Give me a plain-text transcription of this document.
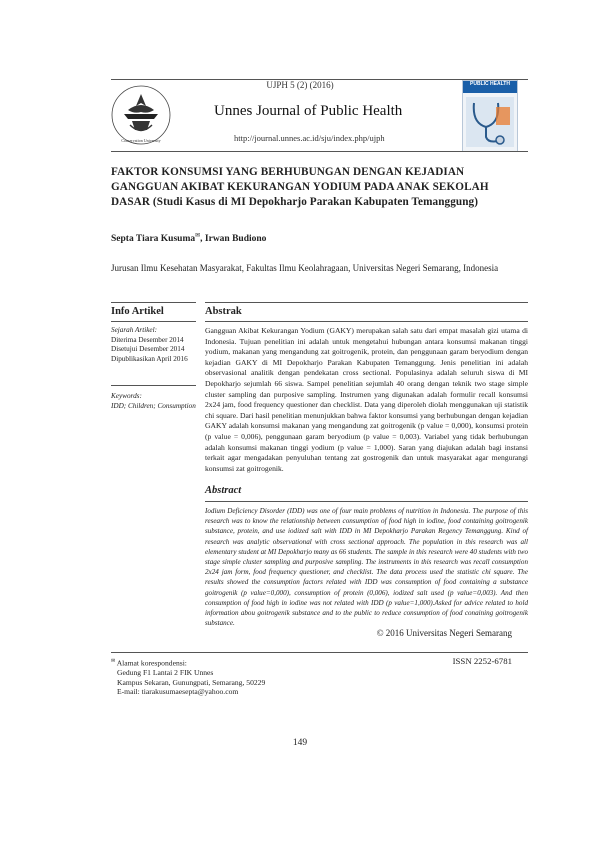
UJPH 5 (2) (2016)
Conservation University
Unnes Journal of Public Health
http://journal.unnes.ac.id/sju/index.php/ujph
PUBLIC HEALTH
FAKTOR KONSUMSI YANG BERHUBUNGAN DENGAN KEJADIAN GANGGUAN AKIBAT KEKURANGAN YODIUM PADA ANAK SEKOLAH DASAR (Studi Kasus di MI Depokharjo Parakan Kabupaten Temanggung)
Septa Tiara Kusuma✉, Irwan Budiono
Jurusan Ilmu Kesehatan Masyarakat, Fakultas Ilmu Keolahragaan, Universitas Negeri Semarang, Indonesia
Info Artikel
Sejarah Artikel:
Diterima Desember 2014
Disetujui Desember 2014
Dipublikasikan April 2016
Keywords:
IDD; Children; Consumption
Abstrak
Gangguan Akibat Kekurangan Yodium (GAKY) merupakan salah satu dari empat masalah gizi utama di Indonesia. Tujuan penelitian ini adalah untuk mengetahui hubungan antara konsumsi makanan tinggi yodium, makanan yang mengandung zat goitrogenik, protein, dan penggunaan garam beryodium dengan kejadian GAKY di MI Depokharjo Parakan Kabupaten Temanggung. Jenis penelitian ini adalah observasional analitik dengan pendekatan cross sectional. Populasinya adalah seluruh siswa di MI Depokharjo sejumlah 66 siswa. Sampel penelitian sejumlah 40 orang dengan teknik two stage simple cluster sampling dan purposive sampling. Instrumen yang digunakan adalah formulir recall konsumsi 2x24 jam, food frequency questioner dan checklist. Data yang diperoleh diolah menggunakan uji statistik chi square. Dari hasil penelitian menunjukkan bahwa faktor konsumsi yang berhubungan dengan kejadian GAKY adalah konsumsi makanan yang mengandung zat goitrogenik (p value = 0,000), konsumsi protein (p value = 0,006), penggunaan garam beryodium (p value = 0,003). Variabel yang tidak berhubungan adalah konsumsi makanan tinggi yodium (p value = 1,000). Saran yang diajukan adalah bagi instansi terkait agar mengadakan penyuluhan tentang zat gostrogenik dan untuk masyarakat agar mengurangi konsumsi zat goitrogenik.
Abstract
Iodium Deficiency Disorder (IDD) was one of four main problems of nutrition in Indonesia. The purpose of this research was to know the relationship between consumption of food high in iodine, food containing goitrogenik substance, protein, and use iodized salt with IDD in MI Depokharjo Parakan Regency Temanggung. Kind of research was analytic observational with cross sectional approach. The population in this research was all elementary student at MI Depokharjo many as 66 students. The sample in this research were 40 students with two stage simple cluster sampling and purposive sampling. The instruments in this research was recall consumption 2x24 jam form, food frequency questioner, and checklist. The data process used the statistic chi square. The results showed the consumption factors related with IDD was consumption of food containing a substance goitrogenik (p value=0,000), consumption of protein (0,006), iodized salt used (p value=0,003). And then consumption of food high in iodine was not related with IDD (p value=1,000).Asked for advice related to hold information abou goitrogenik substance and to the public to reduce consumption of food conaining goitrogenik substance.
© 2016 Universitas Negeri Semarang
✉ Alamat korespondensi:
Gedung F1 Lantai 2 FIK Unnes
Kampus Sekaran, Gunungpati, Semarang, 50229
E-mail: tiarakusumaesepta@yahoo.com
ISSN 2252-6781
149
